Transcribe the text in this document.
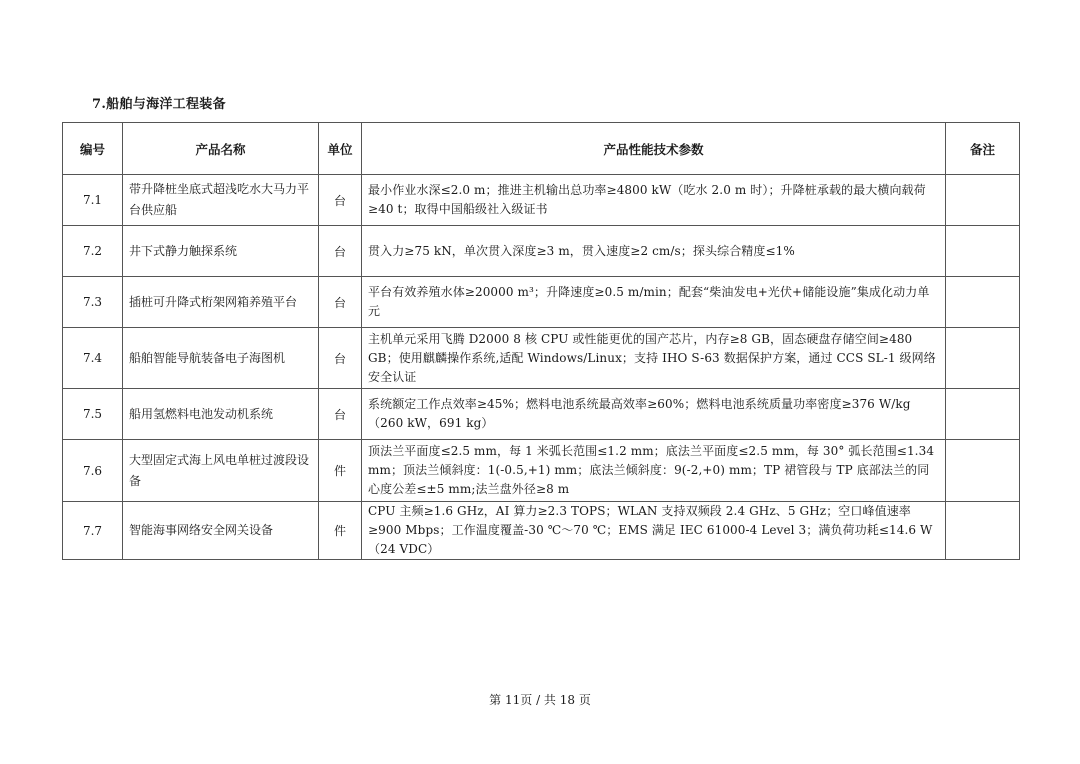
7.船舶与海洋工程装备
编号	产品名称	单位	产品性能技术参数	备注
7.1	带升降桩坐底式超浅吃水大马力平台供应船	台	最小作业水深≤2.0 m；推进主机输出总功率≥4800 kW（吃水 2.0 m 时）；升降桩承载的最大横向载荷≥40 t；取得中国船级社入级证书	
7.2	井下式静力触探系统	台	贯入力≥75 kN，单次贯入深度≥3 m，贯入速度≥2 cm/s；探头综合精度≤1%	
7.3	插桩可升降式桁架网箱养殖平台	台	平台有效养殖水体≥20000 m³；升降速度≥0.5 m/min；配套“柴油发电+光伏+储能设施”集成化动力单元	
7.4	船舶智能导航装备电子海图机	台	主机单元采用飞腾 D2000 8 核 CPU 或性能更优的国产芯片，内存≥8 GB，固态硬盘存储空间≥480 GB；使用麒麟操作系统,适配 Windows/Linux；支持 IHO S-63 数据保护方案，通过 CCS SL-1 级网络安全认证	
7.5	船用氢燃料电池发动机系统	台	系统额定工作点效率≥45%；燃料电池系统最高效率≥60%；燃料电池系统质量功率密度≥376 W/kg（260 kW，691 kg）	
7.6	大型固定式海上风电单桩过渡段设备	件	顶法兰平面度≤2.5 mm，每 1 米弧长范围≤1.2 mm；底法兰平面度≤2.5 mm，每 30° 弧长范围≤1.34 mm；顶法兰倾斜度：1(-0.5,+1) mm；底法兰倾斜度：9(-2,+0) mm；TP 裙管段与 TP 底部法兰的同心度公差≤±5 mm;法兰盘外径≥8 m	
7.7	智能海事网络安全网关设备	件	CPU 主频≥1.6 GHz，AI 算力≥2.3 TOPS；WLAN 支持双频段 2.4 GHz、5 GHz；空口峰值速率≥900 Mbps；工作温度覆盖-30 ℃～70 ℃；EMS 满足 IEC 61000-4 Level 3；满负荷功耗≤14.6 W（24 VDC）	
第 11页 / 共 18 页
